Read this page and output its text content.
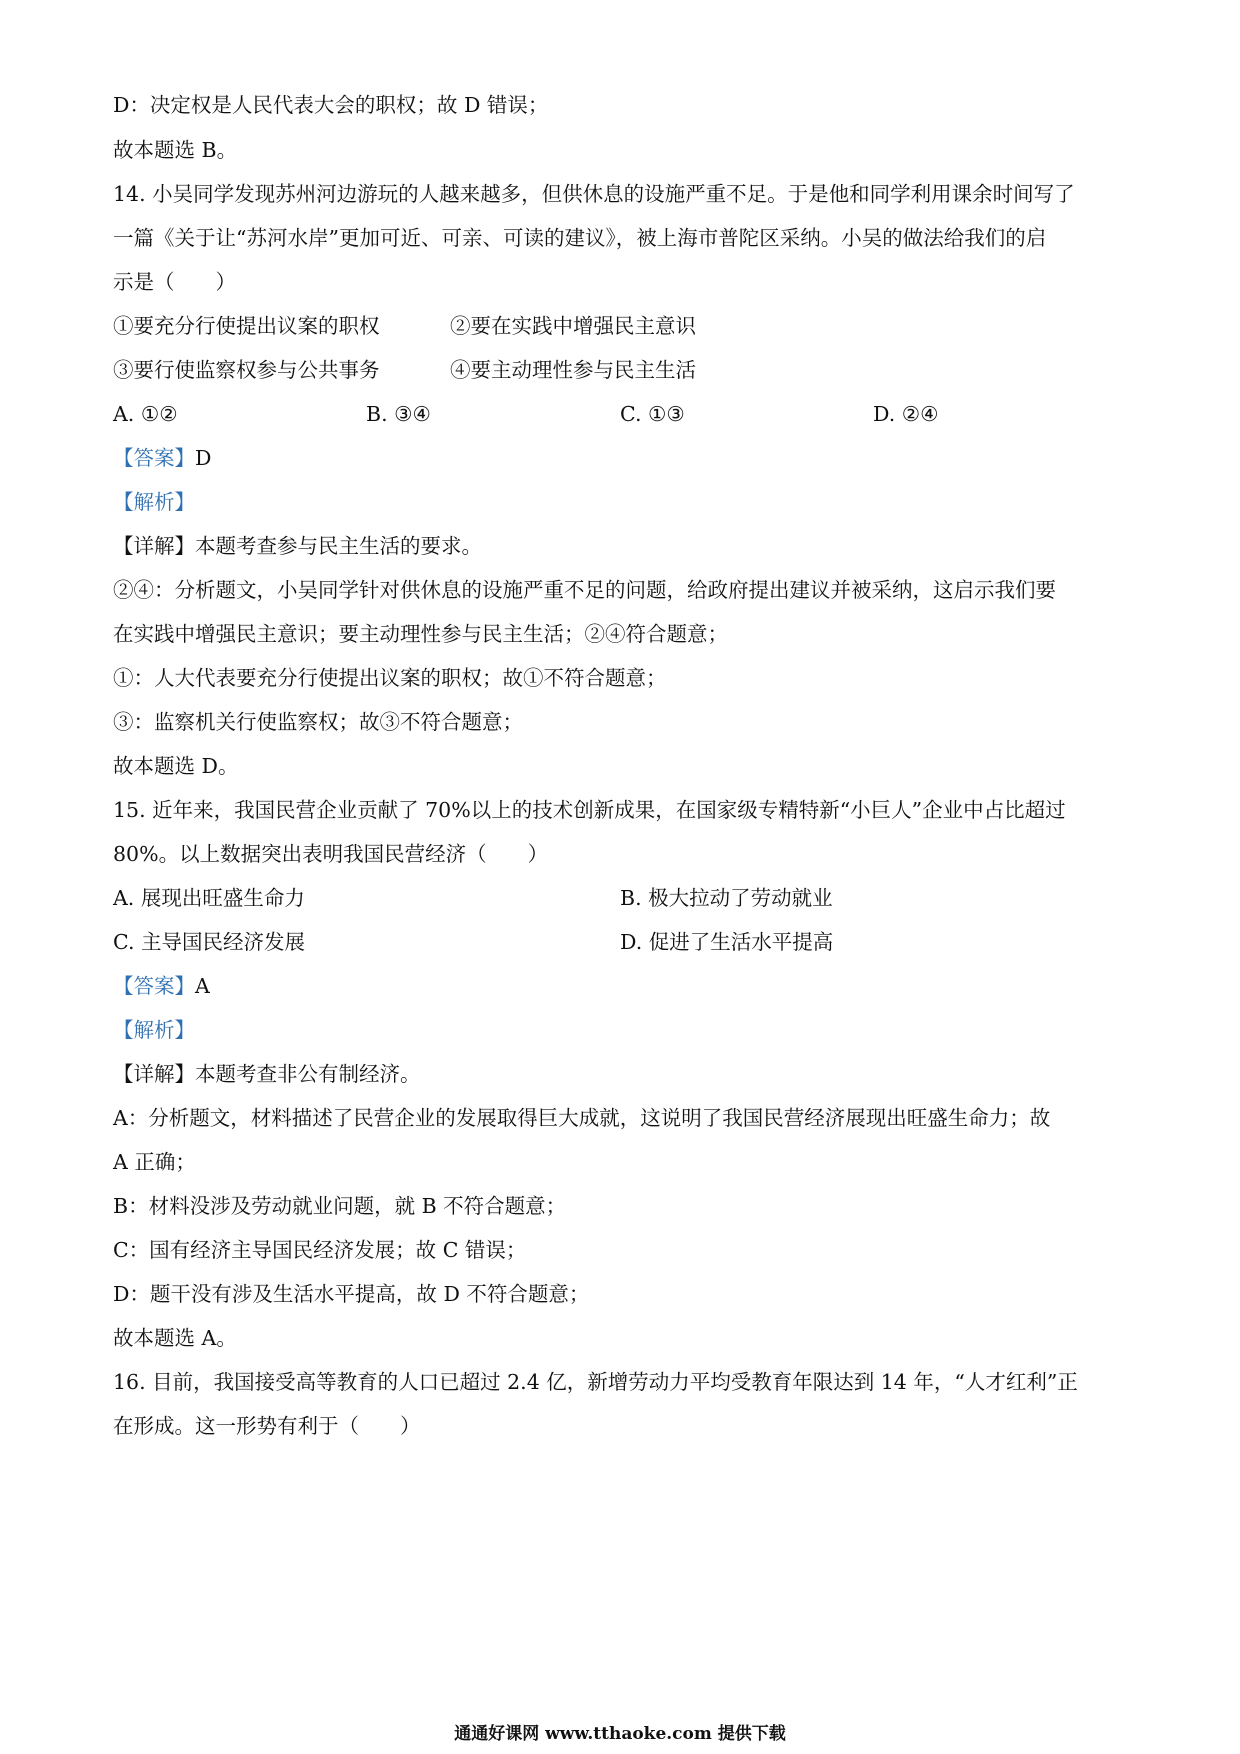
D：决定权是人民代表大会的职权；故 D 错误；
故本题选 B。
14. 小吴同学发现苏州河边游玩的人越来越多，但供休息的设施严重不足。于是他和同学利用课余时间写了
一篇《关于让“苏河水岸”更加可近、可亲、可读的建议》，被上海市普陀区采纳。小吴的做法给我们的启
示是（　　）
①要充分行使提出议案的职权	②要在实践中增强民主意识
③要行使监察权参与公共事务	④要主动理性参与民主生活
A. ①②	B. ③④	C. ①③	D. ②④
【答案】D
【解析】
【详解】本题考查参与民主生活的要求。
②④：分析题文，小吴同学针对供休息的设施严重不足的问题，给政府提出建议并被采纳，这启示我们要
在实践中增强民主意识；要主动理性参与民主生活；②④符合题意；
①：人大代表要充分行使提出议案的职权；故①不符合题意；
③：监察机关行使监察权；故③不符合题意；
故本题选 D。
15. 近年来，我国民营企业贡献了 70%以上的技术创新成果，在国家级专精特新“小巨人”企业中占比超过
80%。以上数据突出表明我国民营经济（　　）
A. 展现出旺盛生命力	B. 极大拉动了劳动就业
C. 主导国民经济发展	D. 促进了生活水平提高
【答案】A
【解析】
【详解】本题考查非公有制经济。
A：分析题文，材料描述了民营企业的发展取得巨大成就，这说明了我国民营经济展现出旺盛生命力；故
A 正确；
B：材料没涉及劳动就业问题，就 B 不符合题意；
C：国有经济主导国民经济发展；故 C 错误；
D：题干没有涉及生活水平提高，故 D 不符合题意；
故本题选 A。
16. 目前，我国接受高等教育的人口已超过 2.4 亿，新增劳动力平均受教育年限达到 14 年，“人才红利”正
在形成。这一形势有利于（　　）
通通好课网 www.tthaoke.com 提供下载
